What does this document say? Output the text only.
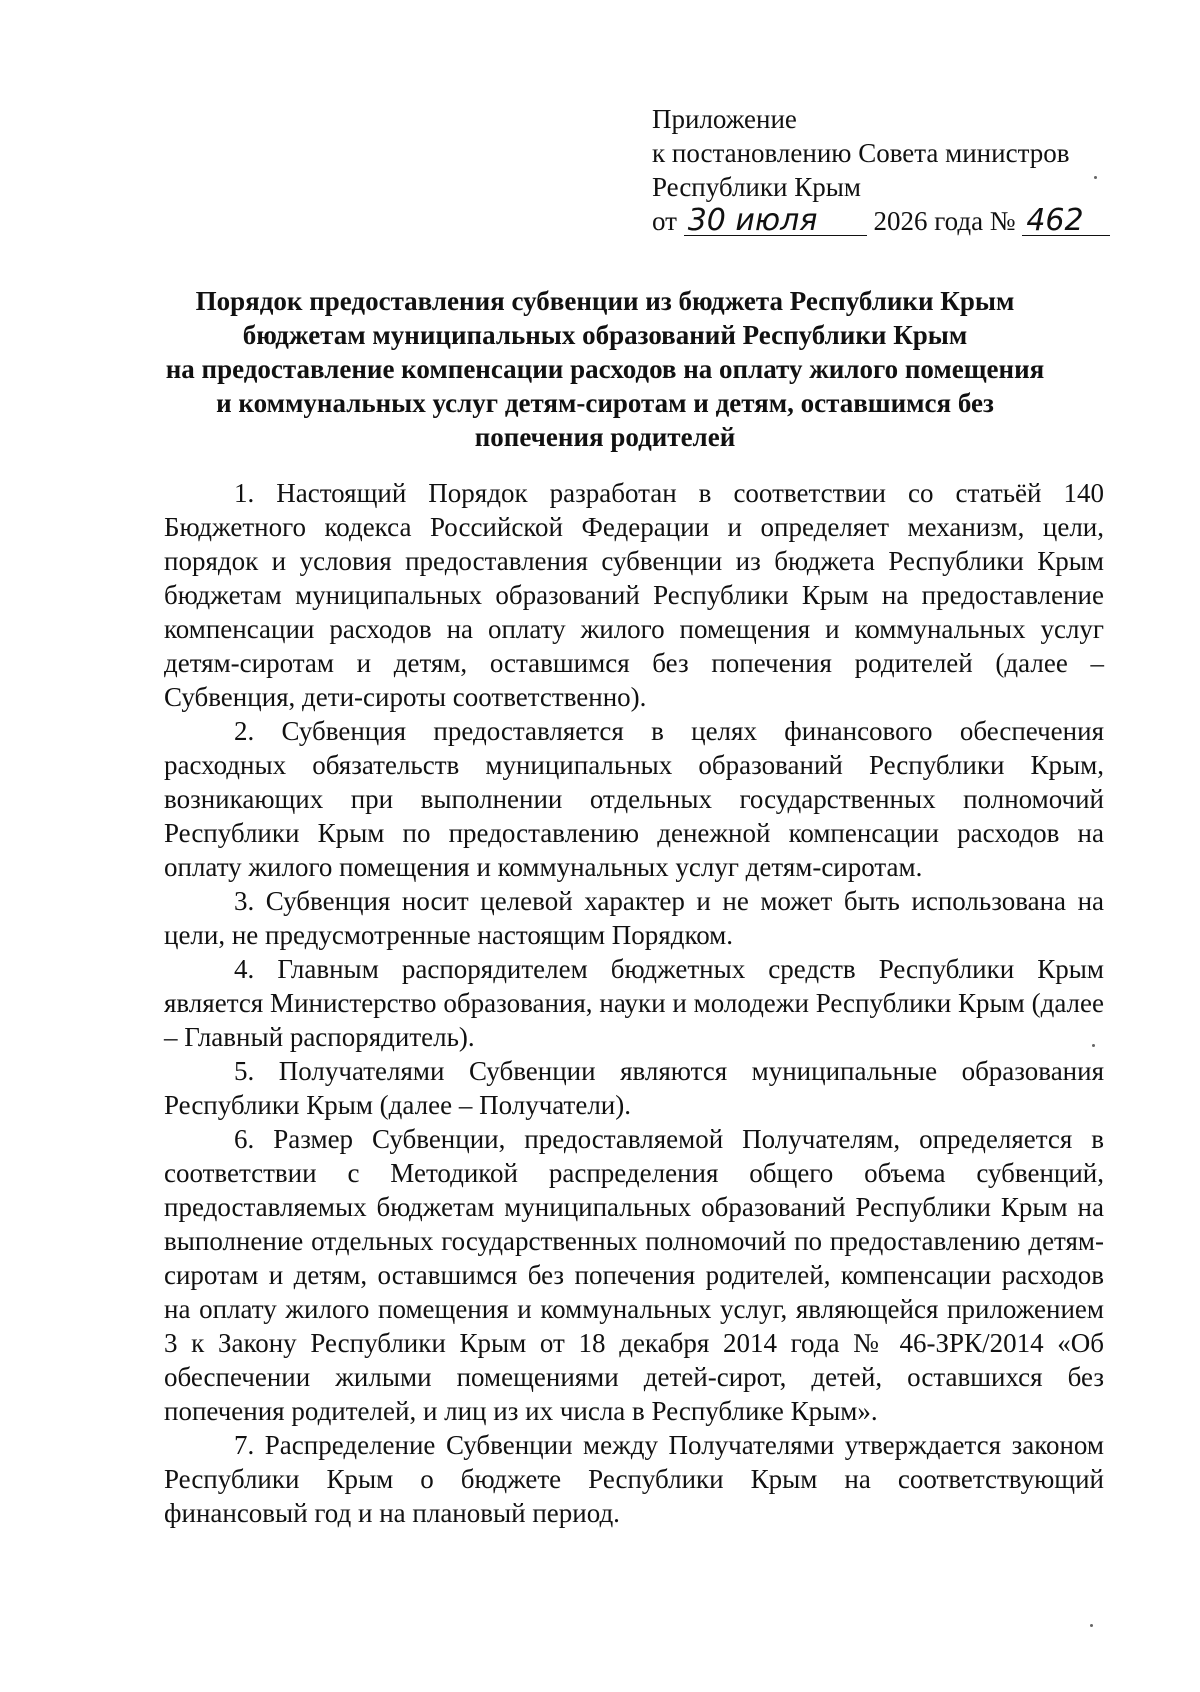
Приложение
к постановлению Совета министров
Республики Крым
от 30 июля 2026 года № 462
Порядок предоставления субвенции из бюджета Республики Крым
бюджетам муниципальных образований Республики Крым
на предоставление компенсации расходов на оплату жилого помещения
и коммунальных услуг детям-сиротам и детям, оставшимся без
попечения родителей

1. Настоящий Порядок разработан в соответствии со статьёй 140 Бюджетного кодекса Российской Федерации и определяет механизм, цели, порядок и условия предоставления субвенции из бюджета Республики Крым бюджетам муниципальных образований Республики Крым на предоставление компенсации расходов на оплату жилого помещения и коммунальных услуг детям-сиротам и детям, оставшимся без попечения родителей (далее – Субвенция, дети-сироты соответственно).

2. Субвенция предоставляется в целях финансового обеспечения расходных обязательств муниципальных образований Республики Крым, возникающих при выполнении отдельных государственных полномочий Республики Крым по предоставлению денежной компенсации расходов на оплату жилого помещения и коммунальных услуг детям-сиротам.

3. Субвенция носит целевой характер и не может быть использована на цели, не предусмотренные настоящим Порядком.

4. Главным распорядителем бюджетных средств Республики Крым является Министерство образования, науки и молодежи Республики Крым (далее – Главный распорядитель).

5. Получателями Субвенции являются муниципальные образования Республики Крым (далее – Получатели).

6. Размер Субвенции, предоставляемой Получателям, определяется в соответствии с Методикой распределения общего объема субвенций, предоставляемых бюджетам муниципальных образований Республики Крым на выполнение отдельных государственных полномочий по предоставлению детям-сиротам и детям, оставшимся без попечения родителей, компенсации расходов на оплату жилого помещения и коммунальных услуг, являющейся приложением 3 к Закону Республики Крым от 18 декабря 2014 года № 46-ЗРК/2014 «Об обеспечении жилыми помещениями детей-сирот, детей, оставшихся без попечения родителей, и лиц из их числа в Республике Крым».

7. Распределение Субвенции между Получателями утверждается законом Республики Крым о бюджете Республики Крым на соответствующий финансовый год и на плановый период.
